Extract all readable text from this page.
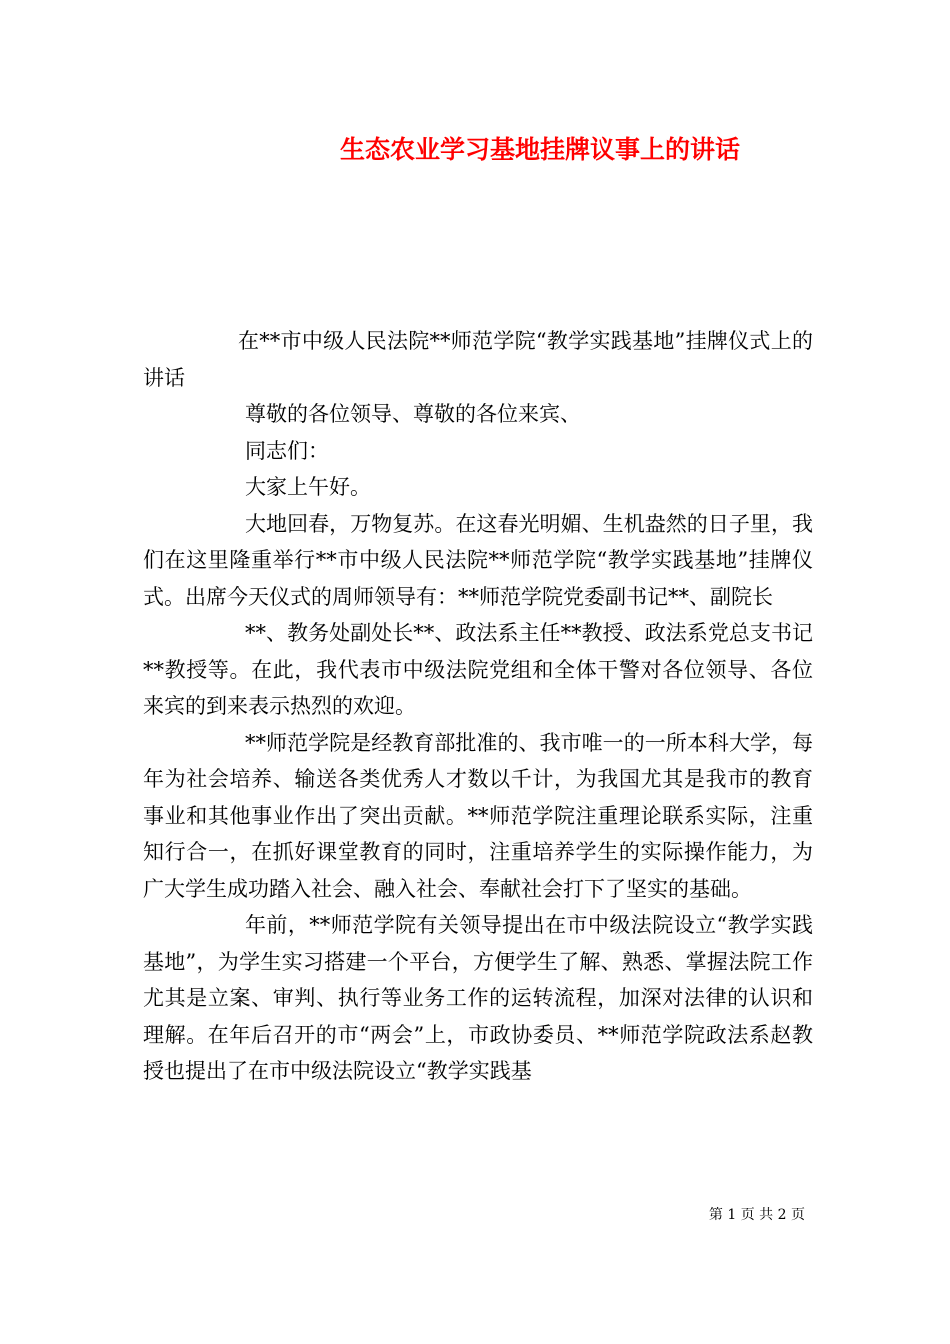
生态农业学习基地挂牌议事上的讲话

在**市中级人民法院**师范学院“教学实践基地”挂牌仪式上的讲话

尊敬的各位领导、尊敬的各位来宾、

同志们：

大家上午好。

大地回春，万物复苏。在这春光明媚、生机盎然的日子里，我们在这里隆重举行**市中级人民法院**师范学院“教学实践基地”挂牌仪式。出席今天仪式的周师领导有：**师范学院党委副书记**、副院长

**、教务处副处长**、政法系主任**教授、政法系党总支书记**教授等。在此，我代表市中级法院党组和全体干警对各位领导、各位来宾的到来表示热烈的欢迎。

**师范学院是经教育部批准的、我市唯一的一所本科大学，每年为社会培养、输送各类优秀人才数以千计，为我国尤其是我市的教育事业和其他事业作出了突出贡献。**师范学院注重理论联系实际，注重知行合一，在抓好课堂教育的同时，注重培养学生的实际操作能力，为广大学生成功踏入社会、融入社会、奉献社会打下了坚实的基础。

年前，**师范学院有关领导提出在市中级法院设立“教学实践基地”，为学生实习搭建一个平台，方便学生了解、熟悉、掌握法院工作尤其是立案、审判、执行等业务工作的运转流程，加深对法律的认识和理解。在年后召开的市“两会”上，市政协委员、**师范学院政法系赵教授也提出了在市中级法院设立“教学实践基

第 1 页 共 2 页
